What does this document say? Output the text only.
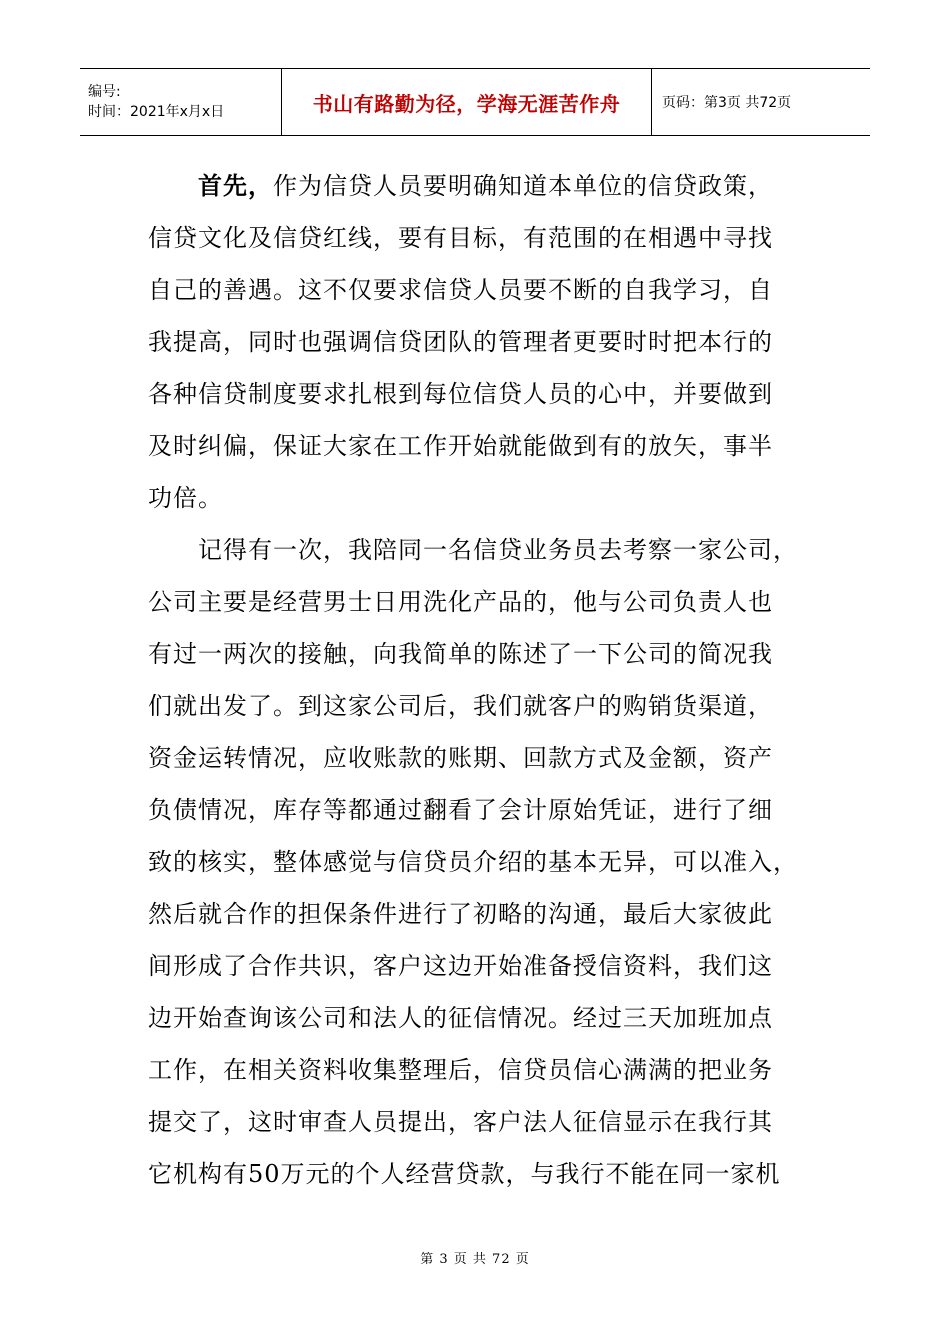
编号:
时间：2021年x月x日	书山有路勤为径，学海无涯苦作舟	页码：第3页 共72页
首先，作为信贷人员要明确知道本单位的信贷政策，
信贷文化及信贷红线，要有目标，有范围的在相遇中寻找
自己的善遇。这不仅要求信贷人员要不断的自我学习，自
我提高，同时也强调信贷团队的管理者更要时时把本行的
各种信贷制度要求扎根到每位信贷人员的心中，并要做到
及时纠偏，保证大家在工作开始就能做到有的放矢，事半
功倍。
记得有一次，我陪同一名信贷业务员去考察一家公司，
公司主要是经营男士日用洗化产品的，他与公司负责人也
有过一两次的接触，向我简单的陈述了一下公司的简况我
们就出发了。到这家公司后，我们就客户的购销货渠道，
资金运转情况，应收账款的账期、回款方式及金额，资产
负债情况，库存等都通过翻看了会计原始凭证，进行了细
致的核实，整体感觉与信贷员介绍的基本无异，可以准入，
然后就合作的担保条件进行了初略的沟通，最后大家彼此
间形成了合作共识，客户这边开始准备授信资料，我们这
边开始查询该公司和法人的征信情况。经过三天加班加点
工作，在相关资料收集整理后，信贷员信心满满的把业务
提交了，这时审查人员提出，客户法人征信显示在我行其
它机构有50万元的个人经营贷款，与我行不能在同一家机
第 3 页 共 72 页
